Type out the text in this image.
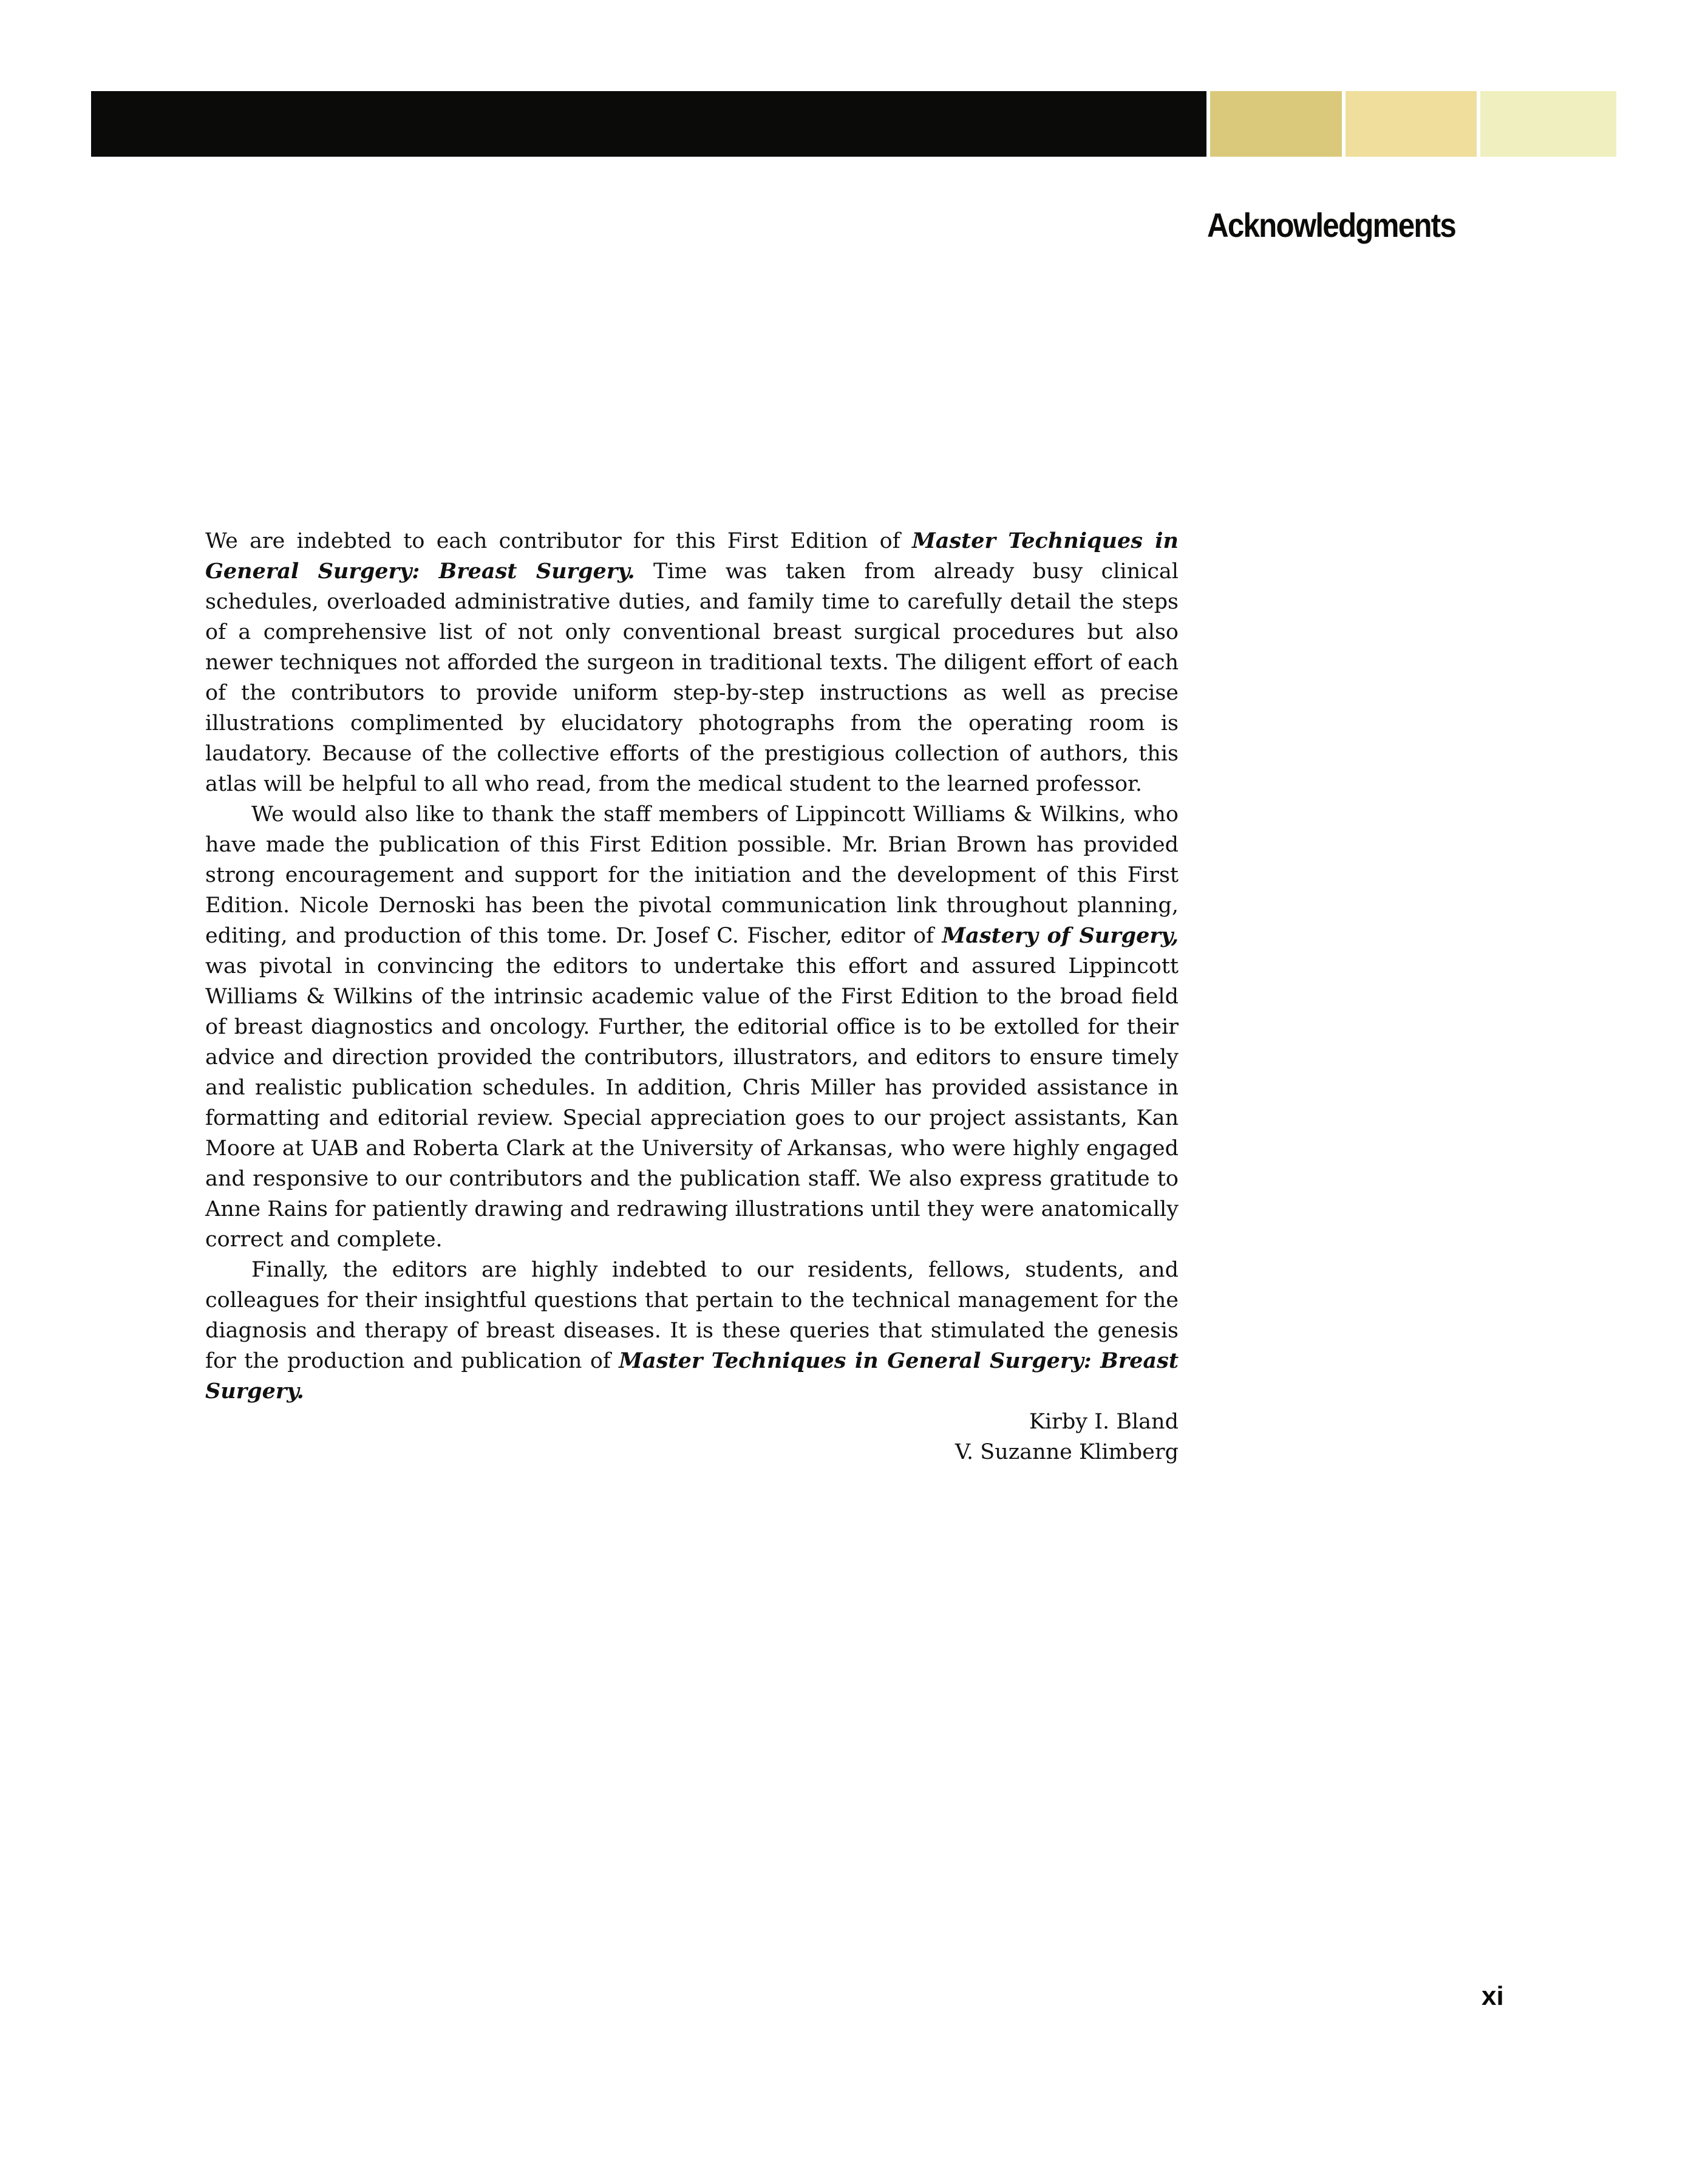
Acknowledgments

We are indebted to each contributor for this First Edition of Master Techniques in General Surgery: Breast Surgery. Time was taken from already busy clinical schedules, overloaded administrative duties, and family time to carefully detail the steps of a comprehensive list of not only conventional breast surgical procedures but also newer techniques not afforded the surgeon in traditional texts. The diligent effort of each of the contributors to provide uniform step-by-step instructions as well as precise illustrations complimented by elucidatory photographs from the operating room is laudatory. Because of the collective efforts of the prestigious collection of authors, this atlas will be helpful to all who read, from the medical student to the learned professor.

We would also like to thank the staff members of Lippincott Williams & Wilkins, who have made the publication of this First Edition possible. Mr. Brian Brown has provided strong encouragement and support for the initiation and the development of this First Edition. Nicole Dernoski has been the pivotal communication link throughout planning, editing, and production of this tome. Dr. Josef C. Fischer, editor of Mastery of Surgery, was pivotal in convincing the editors to undertake this effort and assured Lippincott Williams & Wilkins of the intrinsic academic value of the First Edition to the broad field of breast diagnostics and oncology. Further, the editorial office is to be extolled for their advice and direction provided the contributors, illustrators, and editors to ensure timely and realistic publication schedules. In addition, Chris Miller has provided assistance in formatting and editorial review. Special appreciation goes to our project assistants, Kan Moore at UAB and Roberta Clark at the University of Arkansas, who were highly engaged and responsive to our contributors and the publication staff. We also express gratitude to Anne Rains for patiently drawing and redrawing illustrations until they were anatomically correct and complete.

Finally, the editors are highly indebted to our residents, fellows, students, and colleagues for their insightful questions that pertain to the technical management for the diagnosis and therapy of breast diseases. It is these queries that stimulated the genesis for the production and publication of Master Techniques in General Surgery: Breast Surgery.

Kirby I. Bland
V. Suzanne Klimberg
xi
